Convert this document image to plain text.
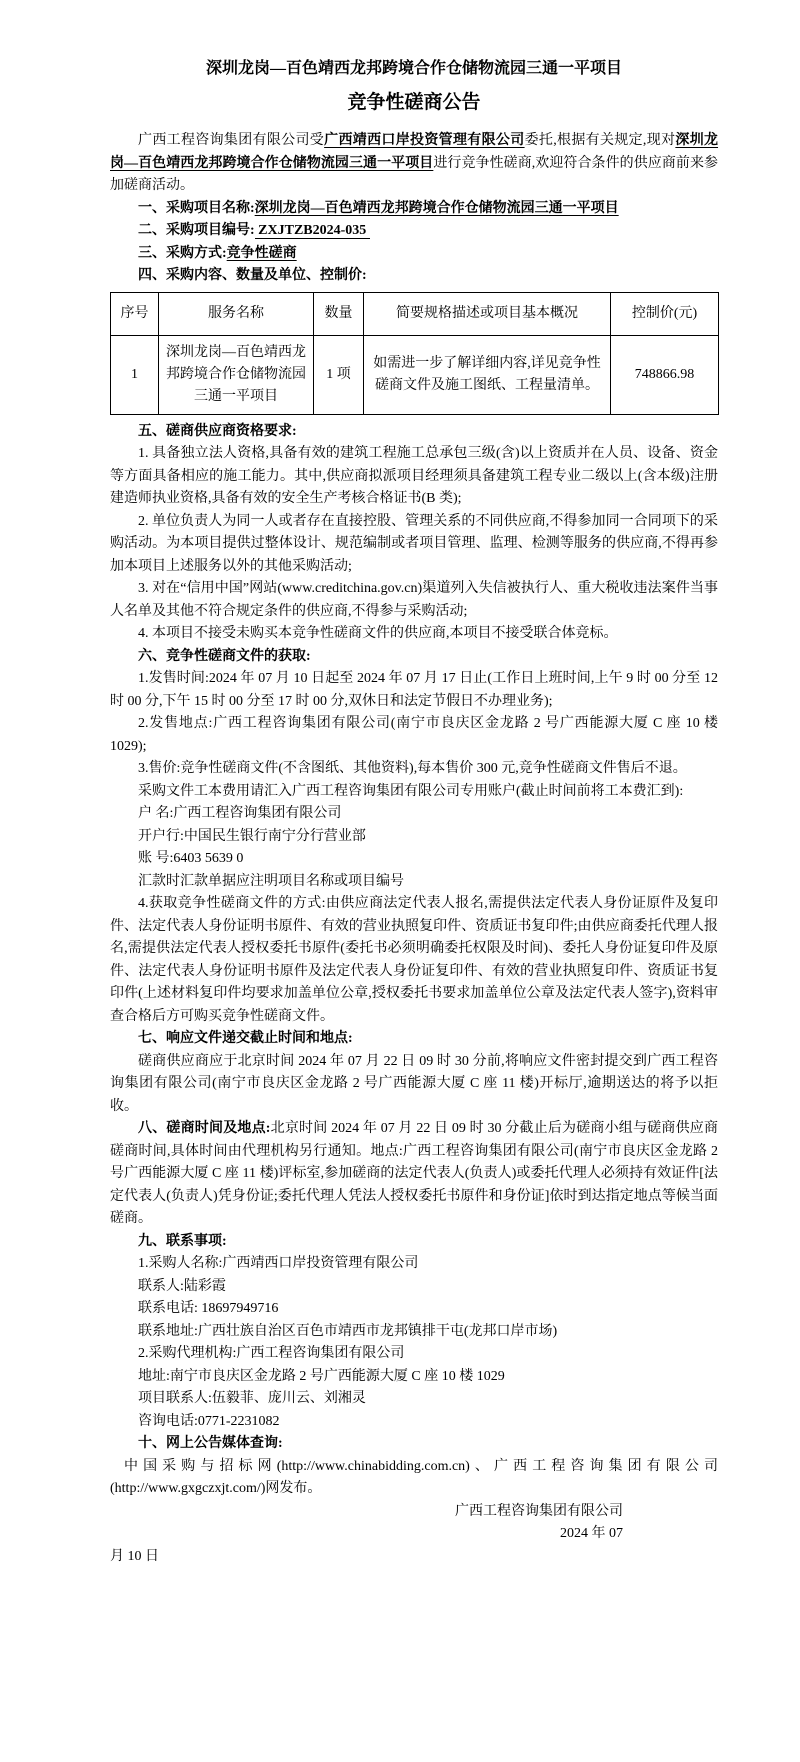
深圳龙岗—百色靖西龙邦跨境合作仓储物流园三通一平项目

竞争性磋商公告

广西工程咨询集团有限公司受广西靖西口岸投资管理有限公司委托,根据有关规定,现对深圳龙岗—百色靖西龙邦跨境合作仓储物流园三通一平项目进行竞争性磋商,欢迎符合条件的供应商前来参加磋商活动。

一、采购项目名称:深圳龙岗—百色靖西龙邦跨境合作仓储物流园三通一平项目

二、采购项目编号: ZXJTZB2024-035

三、采购方式:竞争性磋商

四、采购内容、数量及单位、控制价:

序号	服务名称	数量	简要规格描述或项目基本概况	控制价(元)
1	深圳龙岗—百色靖西龙邦跨境合作仓储物流园三通一平项目	1 项	如需进一步了解详细内容,详见竞争性磋商文件及施工图纸、工程量清单。	748866.98

五、磋商供应商资格要求:

1. 具备独立法人资格,具备有效的建筑工程施工总承包三级(含)以上资质并在人员、设备、资金等方面具备相应的施工能力。其中,供应商拟派项目经理须具备建筑工程专业二级以上(含本级)注册建造师执业资格,具备有效的安全生产考核合格证书(B 类);

2. 单位负责人为同一人或者存在直接控股、管理关系的不同供应商,不得参加同一合同项下的采购活动。为本项目提供过整体设计、规范编制或者项目管理、监理、检测等服务的供应商,不得再参加本项目上述服务以外的其他采购活动;

3. 对在“信用中国”网站(www.creditchina.gov.cn)渠道列入失信被执行人、重大税收违法案件当事人名单及其他不符合规定条件的供应商,不得参与采购活动;

4. 本项目不接受未购买本竞争性磋商文件的供应商,本项目不接受联合体竞标。

六、竞争性磋商文件的获取:

1.发售时间:2024 年 07 月 10 日起至 2024 年 07 月 17 日止(工作日上班时间,上午 9 时 00 分至 12 时 00 分,下午 15 时 00 分至 17 时 00 分,双休日和法定节假日不办理业务);

2.发售地点:广西工程咨询集团有限公司(南宁市良庆区金龙路 2 号广西能源大厦 C 座 10 楼 1029);

3.售价:竞争性磋商文件(不含图纸、其他资料),每本售价 300 元,竞争性磋商文件售后不退。

采购文件工本费用请汇入广西工程咨询集团有限公司专用账户(截止时间前将工本费汇到):

户 名:广西工程咨询集团有限公司

开户行:中国民生银行南宁分行营业部

账 号:6403 5639 0

汇款时汇款单据应注明项目名称或项目编号

4.获取竞争性磋商文件的方式:由供应商法定代表人报名,需提供法定代表人身份证原件及复印件、法定代表人身份证明书原件、有效的营业执照复印件、资质证书复印件;由供应商委托代理人报名,需提供法定代表人授权委托书原件(委托书必须明确委托权限及时间)、委托人身份证复印件及原件、法定代表人身份证明书原件及法定代表人身份证复印件、有效的营业执照复印件、资质证书复印件(上述材料复印件均要求加盖单位公章,授权委托书要求加盖单位公章及法定代表人签字),资料审查合格后方可购买竞争性磋商文件。

七、响应文件递交截止时间和地点:

磋商供应商应于北京时间 2024 年 07 月 22 日 09 时 30 分前,将响应文件密封提交到广西工程咨询集团有限公司(南宁市良庆区金龙路 2 号广西能源大厦 C 座 11 楼)开标厅,逾期送达的将予以拒收。

八、磋商时间及地点:北京时间 2024 年 07 月 22 日 09 时 30 分截止后为磋商小组与磋商供应商磋商时间,具体时间由代理机构另行通知。地点:广西工程咨询集团有限公司(南宁市良庆区金龙路 2 号广西能源大厦 C 座 11 楼)评标室,参加磋商的法定代表人(负责人)或委托代理人必须持有效证件[法定代表人(负责人)凭身份证;委托代理人凭法人授权委托书原件和身份证]依时到达指定地点等候当面磋商。

九、联系事项:

1.采购人名称:广西靖西口岸投资管理有限公司

联系人:陆彩霞

联系电话: 18697949716

联系地址:广西壮族自治区百色市靖西市龙邦镇排干屯(龙邦口岸市场)

2.采购代理机构:广西工程咨询集团有限公司

地址:南宁市良庆区金龙路 2 号广西能源大厦 C 座 10 楼 1029

项目联系人:伍毅菲、庞川云、刘湘灵

咨询电话:0771-2231082

十、网上公告媒体查询:

中国采购与招标网(http://www.chinabidding.com.cn)、广西工程咨询集团有限公司(http://www.gxgczxjt.com/)网发布。

广西工程咨询集团有限公司

2024 年 07

月 10 日
